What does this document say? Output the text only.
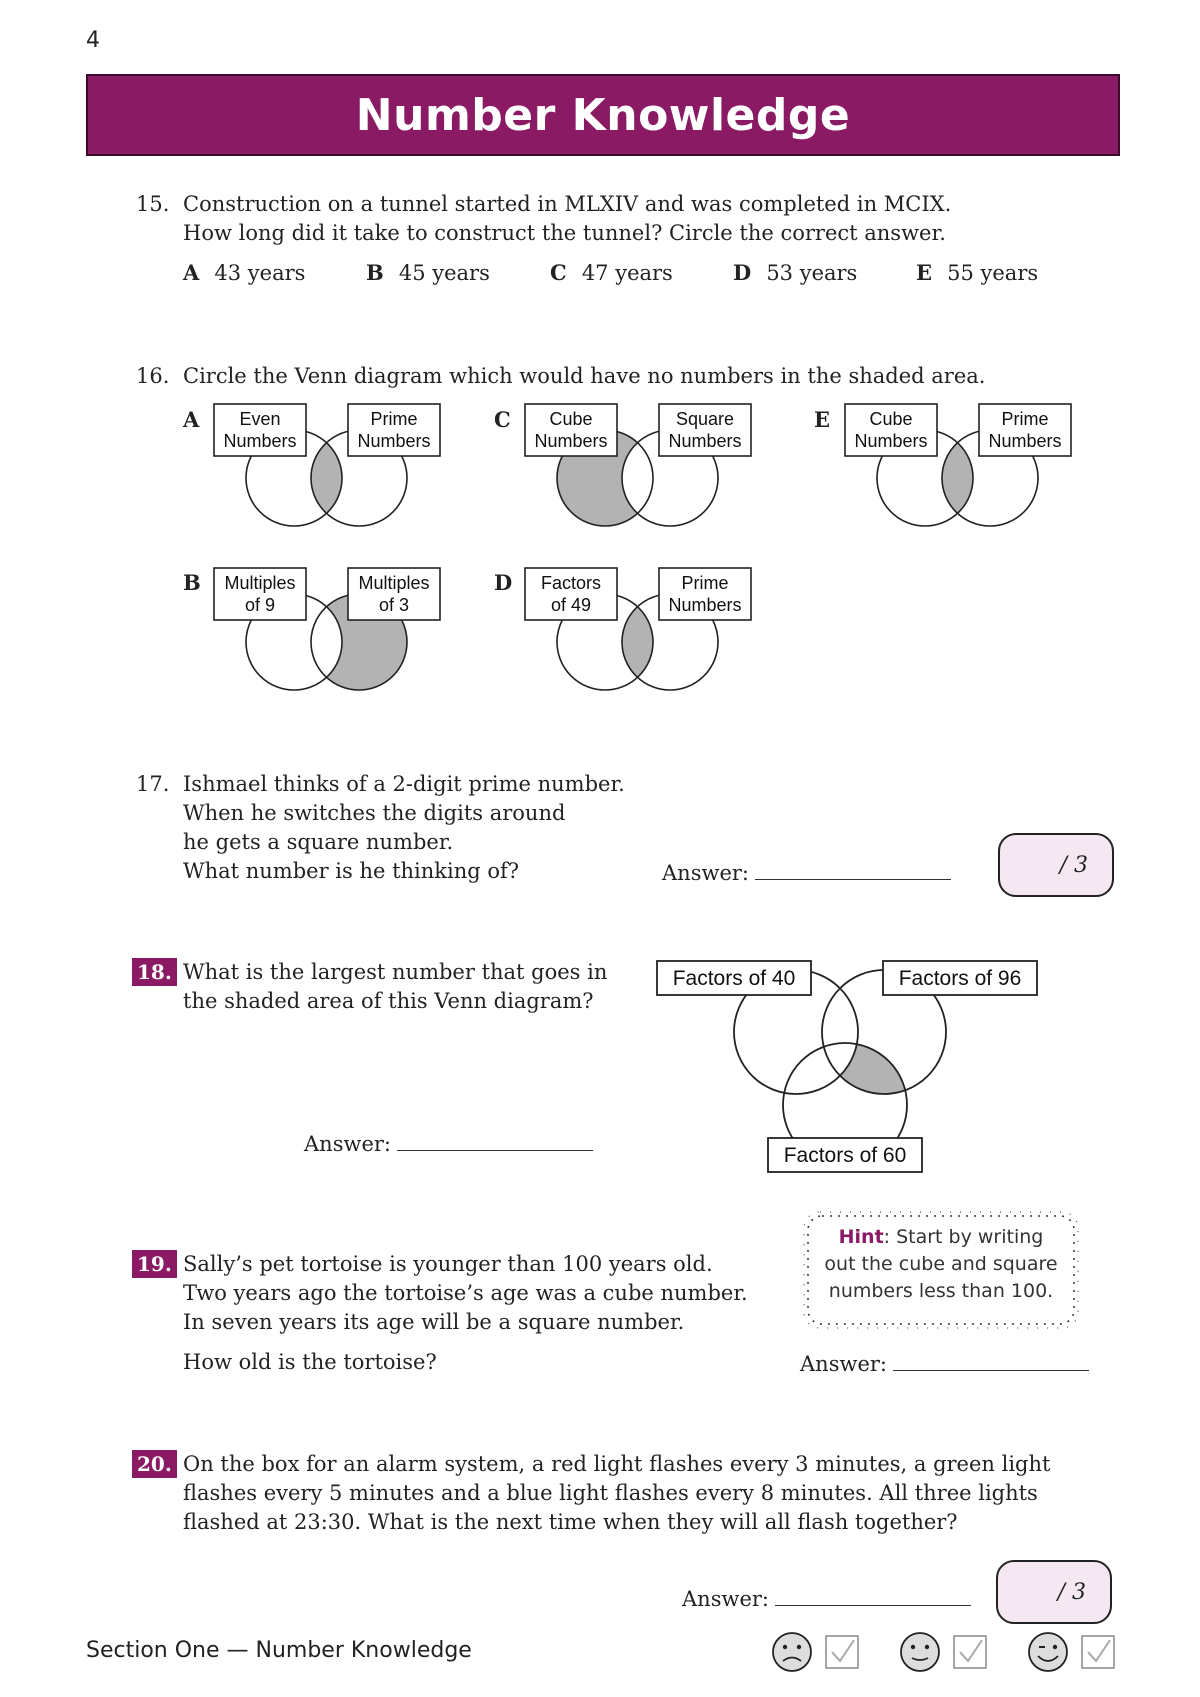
4
Number Knowledge
15. Construction on a tunnel started in MLXIV and was completed in MCIX.
How long did it take to construct the tunnel? Circle the correct answer.
A 43 years	B 45 years	C 47 years	D 53 years	E 55 years
16. Circle the Venn diagram which would have no numbers in the shaded area.
Even
Numbers
Prime
Numbers
Cube
Numbers
Square
Numbers
Cube
Numbers
Prime
Numbers
Multiples
of 9
Multiples
of 3
Factors
of 49
Prime
Numbers
Factors of 40	Factors of 96
Factors of 60
A	C	E
B	D
17. Ishmael thinks of a 2-digit prime number.
When he switches the digits around
he gets a square number.
What number is he thinking of?	Answer:	/ 3
18. What is the largest number that goes in
the shaded area of this Venn diagram?
Answer:
Hint: Start by writing
out the cube and square
numbers less than 100.
19. Sally’s pet tortoise is younger than 100 years old.
Two years ago the tortoise’s age was a cube number.
In seven years its age will be a square number.
How old is the tortoise?	Answer:
20. On the box for an alarm system, a red light flashes every 3 minutes, a green light
flashes every 5 minutes and a blue light flashes every 8 minutes. All three lights
flashed at 23:30. What is the next time when they will all flash together?
Answer:	/ 3
Section One — Number Knowledge
